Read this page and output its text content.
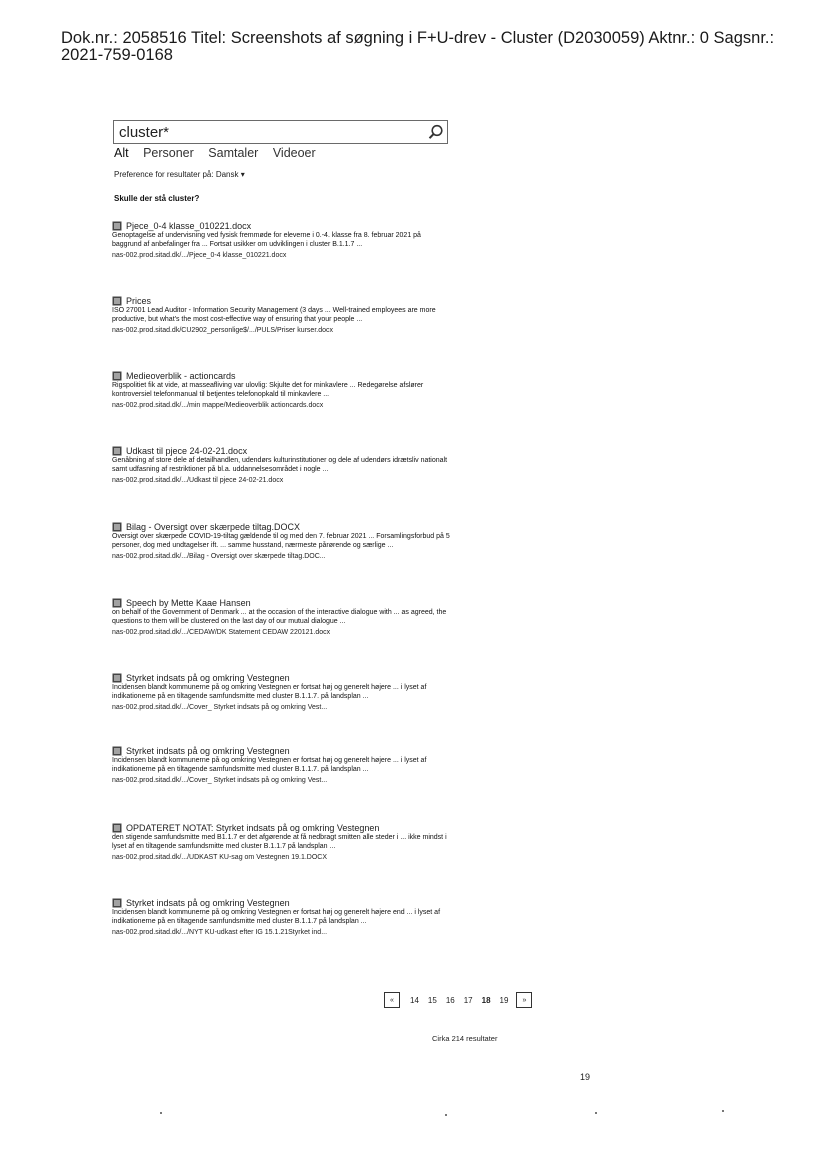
Dok.nr.: 2058516 Titel: Screenshots af søgning i F+U-drev - Cluster (D2030059) Aktnr.: 0 Sagsnr.: 2021-759-0168
cluster*
Alt Personer Samtaler Videoer
Preference for resultater på: Dansk ▾
Skulle der stå cluster?
Pjece_0-4 klasse_010221.docx
Genoptagelse af undervisning ved fysisk fremmøde for eleverne i 0.-4. klasse fra 8. februar 2021 på baggrund af anbefalinger fra ... Fortsat usikker om udviklingen i cluster B.1.1.7 ...
nas-002.prod.sitad.dk/.../Pjece_0-4 klasse_010221.docx
Prices
ISO 27001 Lead Auditor - Information Security Management (3 days ... Well-trained employees are more productive, but what's the most cost-effective way of ensuring that your people ...
nas-002.prod.sitad.dk/CU2902_personlige$/.../PULS/Priser kurser.docx
Medieoverblik - actioncards
Rigspolitiet fik at vide, at masseafliving var ulovlig: Skjulte det for minkavlere ... Redegørelse afslører kontroversiel telefonmanual til betjentes telefonopkald til minkavlere ...
nas-002.prod.sitad.dk/.../min mappe/Medieoverblik actioncards.docx
Udkast til pjece 24-02-21.docx
Genåbning af store dele af detailhandlen, udendørs kulturinstitutioner og dele af udendørs idrætsliv nationalt samt udfasning af restriktioner på bl.a. uddannelsesområdet i nogle ...
nas-002.prod.sitad.dk/.../Udkast til pjece 24-02-21.docx
Bilag - Oversigt over skærpede tiltag.DOCX
Oversigt over skærpede COVID-19-tiltag gældende til og med den 7. februar 2021 ... Forsamlingsforbud på 5 personer, dog med undtagelser ift. ... samme husstand, nærmeste pårørende og særlige ...
nas-002.prod.sitad.dk/.../Bilag - Oversigt over skærpede tiltag.DOC...
Speech by Mette Kaae Hansen
on behalf of the Government of Denmark ... at the occasion of the interactive dialogue with ... as agreed, the questions to them will be clustered on the last day of our mutual dialogue ...
nas-002.prod.sitad.dk/.../CEDAW/DK Statement CEDAW 220121.docx
Styrket indsats på og omkring Vestegnen
Incidensen blandt kommunerne på og omkring Vestegnen er fortsat høj og generelt højere ... i lyset af indikationerne på en tiltagende samfundsmitte med cluster B.1.1.7. på landsplan ...
nas-002.prod.sitad.dk/.../Cover_ Styrket indsats på og omkring Vest...
Styrket indsats på og omkring Vestegnen
Incidensen blandt kommunerne på og omkring Vestegnen er fortsat høj og generelt højere ... i lyset af indikationerne på en tiltagende samfundsmitte med cluster B.1.1.7. på landsplan ...
nas-002.prod.sitad.dk/.../Cover_ Styrket indsats på og omkring Vest...
OPDATERET NOTAT: Styrket indsats på og omkring Vestegnen
den stigende samfundsmitte med B1.1.7 er det afgørende at få nedbragt smitten alle steder i ... ikke mindst i lyset af en tiltagende samfundsmitte med cluster B.1.1.7 på landsplan ...
nas-002.prod.sitad.dk/.../UDKAST KU-sag om Vestegnen 19.1.DOCX
Styrket indsats på og omkring Vestegnen
Incidensen blandt kommunerne på og omkring Vestegnen er fortsat høj og generelt højere end ... i lyset af indikationerne på en tiltagende samfundsmitte med cluster B.1.1.7 på landsplan ...
nas-002.prod.sitad.dk/.../NYT KU-udkast efter IG 15.1.21Styrket ind...
«	14 15 16 17 18 19	»
Cirka 214 resultater
19
